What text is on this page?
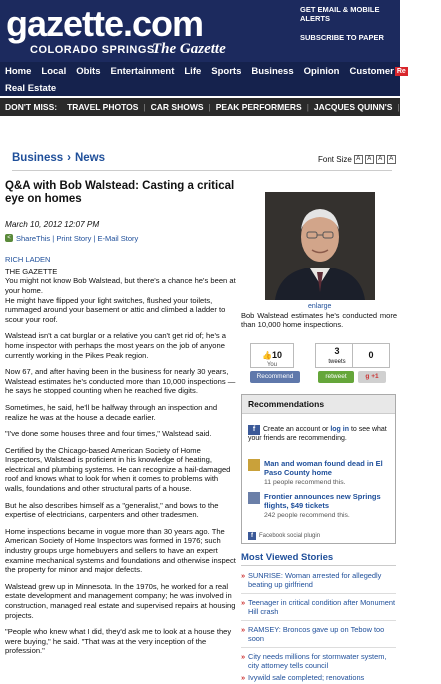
gazette.com
COLORADO SPRINGS
The Gazette
GET EMAIL & MOBILE ALERTS
SUBSCRIBE TO PAPER
Home	Local	Obits	Entertainment	Life	Sports	Business	Opinion	Customer Re
Real Estate
DON'T MISS:	TRAVEL PHOTOS | CAR SHOWS | PEAK PERFORMERS | JACQUES QUINN'S | DISNEY
Business › News	Font Size A	A	A	A
Q&A with Bob Walstead: Casting a critical eye on homes
March 10, 2012 12:07 PM
< ShareThis | Print Story | E-Mail Story
RICH LADEN
THE GAZETTE

You might not know Bob Walstead, but there's a chance he's been at your home.

He might have flipped your light switches, flushed your toilets, rummaged around your basement or attic and climbed a ladder to scour your roof.

Walstead isn't a cat burglar or a relative you can't get rid of; he's a home inspector with perhaps the most years on the job of anyone currently working in the Pikes Peak region.

Now 67, and after having been in the business for nearly 30 years, Walstead estimates he's conducted more than 10,000 inspections — he says he stopped counting when he reached five digits.

Sometimes, he said, he'll be halfway through an inspection and realize he was at the house a decade earlier.

"I've done some houses three and four times," Walstead said.

Certified by the Chicago-based American Society of Home Inspectors, Walstead is proficient in his knowledge of heating, electrical and plumbing systems. He can recognize a hail-damaged roof and knows what to look for when it comes to problems with walls, foundations and other structural parts of a house.

But he also describes himself as a "generalist," and bows to the expertise of electricians, carpenters and other tradesmen.

Home inspections became in vogue more than 30 years ago. The American Society of Home Inspectors was formed in 1976; such industry groups urge homebuyers and sellers to have an expert examine mechanical systems and foundations and otherwise inspect the property for minor and major defects.

Walstead grew up in Minnesota. In the 1970s, he worked for a real estate development and management company; he was involved in construction, managed real estate and supervised repairs at housing projects.

"People who knew what I did, they'd ask me to look at a house they were buying," he said. "That was at the very inception of the profession."

enlarge
Bob Walstead estimates he's conducted more than 10,000 home inspections.
👍10
You
Recommend
3
tweets
retweet
0
g +1
Recommendations
f Create an account or log in to see what your friends are recommending.
Man and woman found dead in El Paso County home
11 people recommend this.
Frontier announces new Springs flights, $49 tickets
242 people recommend this.
f Facebook social plugin
Most Viewed Stories
» SUNRISE: Woman arrested for allegedly beating up girlfriend
» Teenager in critical condition after Monument Hill crash
» RAMSEY: Broncos gave up on Tebow too soon
» City needs millions for stormwater system, city attorney tells council
» Ivywild sale completed; renovations
